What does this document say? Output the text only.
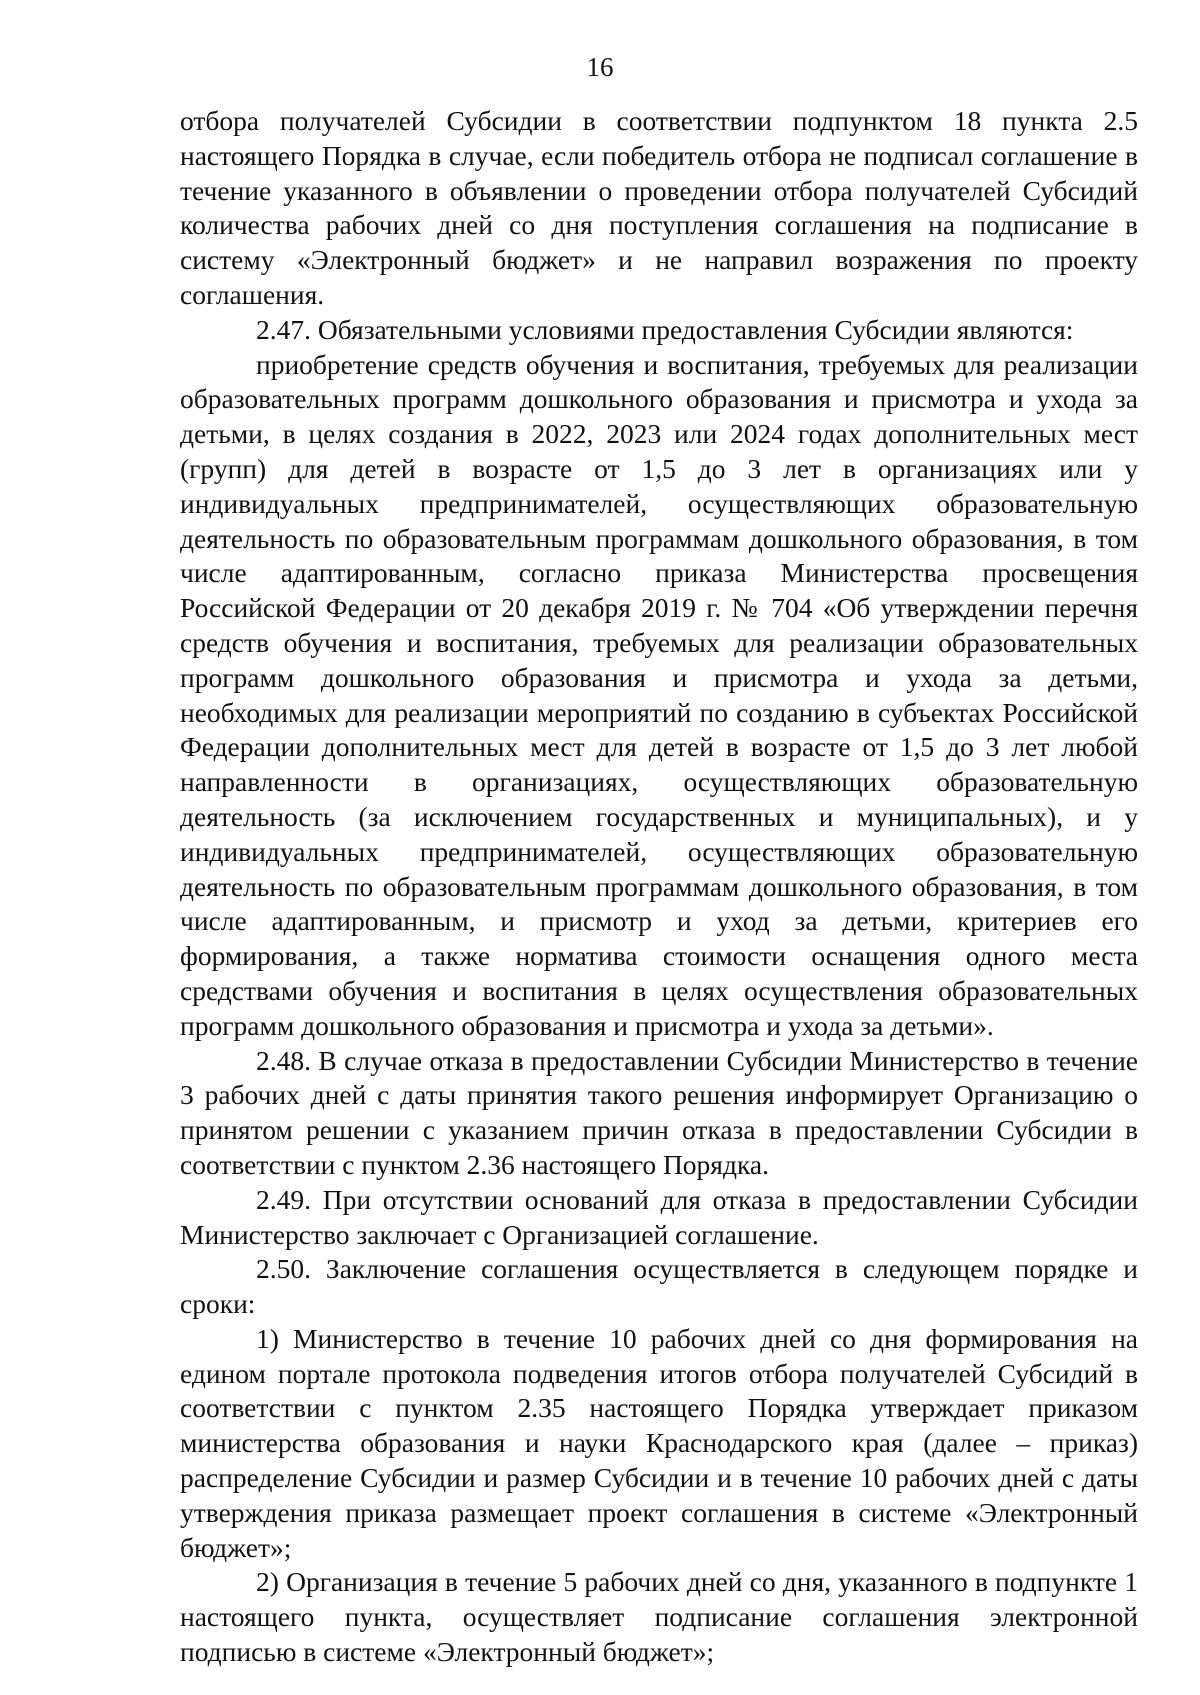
16

отбора получателей Субсидии в соответствии подпунктом 18 пункта 2.5 настоящего Порядка в случае, если победитель отбора не подписал соглашение в течение указанного в объявлении о проведении отбора получателей Субсидий количества рабочих дней со дня поступления соглашения на подписание в систему «Электронный бюджет» и не направил возражения по проекту соглашения.

2.47. Обязательными условиями предоставления Субсидии являются:

приобретение средств обучения и воспитания, требуемых для реализации образовательных программ дошкольного образования и присмотра и ухода за детьми, в целях создания в 2022, 2023 или 2024 годах дополнительных мест (групп) для детей в возрасте от 1,5 до 3 лет в организациях или у индивидуальных предпринимателей, осуществляющих образовательную деятельность по образовательным программам дошкольного образования, в том числе адаптированным, согласно приказа Министерства просвещения Российской Федерации от 20 декабря 2019 г. № 704 «Об утверждении перечня средств обучения и воспитания, требуемых для реализации образовательных программ дошкольного образования и присмотра и ухода за детьми, необходимых для реализации мероприятий по созданию в субъектах Российской Федерации дополнительных мест для детей в возрасте от 1,5 до 3 лет любой направленности в организациях, осуществляющих образовательную деятельность (за исключением государственных и муниципальных), и у индивидуальных предпринимателей, осуществляющих образовательную деятельность по образовательным программам дошкольного образования, в том числе адаптированным, и присмотр и уход за детьми, критериев его формирования, а также норматива стоимости оснащения одного места средствами обучения и воспитания в целях осуществления образовательных программ дошкольного образования и присмотра и ухода за детьми».

2.48. В случае отказа в предоставлении Субсидии Министерство в течение 3 рабочих дней с даты принятия такого решения информирует Организацию о принятом решении с указанием причин отказа в предоставлении Субсидии в соответствии с пунктом 2.36 настоящего Порядка.

2.49. При отсутствии оснований для отказа в предоставлении Субсидии Министерство заключает с Организацией соглашение.

2.50. Заключение соглашения осуществляется в следующем порядке и сроки:

1) Министерство в течение 10 рабочих дней со дня формирования на едином портале протокола подведения итогов отбора получателей Субсидий в соответствии с пунктом 2.35 настоящего Порядка утверждает приказом министерства образования и науки Краснодарского края (далее – приказ) распределение Субсидии и размер Субсидии и в течение 10 рабочих дней с даты утверждения приказа размещает проект соглашения в системе «Электронный бюджет»;

2) Организация в течение 5 рабочих дней со дня, указанного в подпункте 1 настоящего пункта, осуществляет подписание соглашения электронной подписью в системе «Электронный бюджет»;
